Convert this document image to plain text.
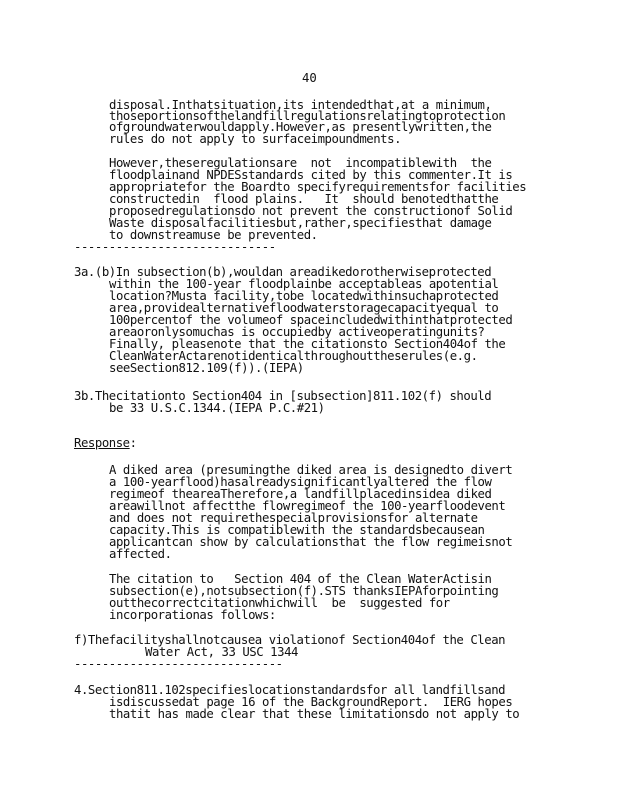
40
disposal.Inthatsituation,its intendedthat,at a minimum,
thoseportionsofthelandfillregulationsrelatingtoprotection
ofgroundwaterwouldapply.However,as presentlywritten,the
rules do not apply to surfaceimpoundments.
However,theseregulationsare  not  incompatiblewith  the
floodplainand NPDESstandards cited by this commenter.It is
appropriatefor the Boardto specifyrequirementsfor facilities
constructedin  flood plains.   It  should benotedthatthe
proposedregulationsdo not prevent the constructionof Solid
Waste disposalfacilitiesbut,rather,specifiesthat damage
to downstreamuse be prevented.
-----------------------------
3a.(b)In subsection(b),wouldan areadikedorotherwiseprotected
within the 100-year floodplainbe acceptableas apotential
location?Musta facility,tobe locatedwithinsuchaprotected
area,providealternativefloodwaterstoragecapacityequal to
100percentof the volumeof spaceincludedwithinthatprotected
areaoronlysomuchas is occupiedby activeoperatingunits?
Finally, pleasenote that the citationsto Section404of the
CleanWaterActarenotidenticalthroughouttheserules(e.g.
seeSection812.109(f)).(IEPA)
3b.Thecitationto Section404 in [subsection]811.102(f) should
be 33 U.S.C.1344.(IEPA P.C.#21)
Response:
A diked area (presumingthe diked area is designedto divert
a 100-yearflood)hasalreadysignificantlyaltered the flow
regimeof theareaTherefore,a landfillplacedinsidea diked
areawillnot affectthe flowregimeof the 100-yearfloodevent
and does not requirethespecialprovisionsfor alternate
capacity.This is compatiblewith the standardsbecausean
applicantcan show by calculationsthat the flow regimeisnot
affected.
The citation to   Section 404 of the Clean WaterActisin
subsection(e),notsubsection(f).STS thanksIEPAforpointing
outthecorrectcitationwhichwill  be  suggested for
incorporationas follows:
f)Thefacilityshallnotcausea violationof Section404of the Clean
Water Act, 33 USC 1344
------------------------------
4.Section811.102specifieslocationstandardsfor all landfillsand
isdiscussedat page 16 of the BackgroundReport.  IERG hopes
thatit has made clear that these limitationsdo not apply to
